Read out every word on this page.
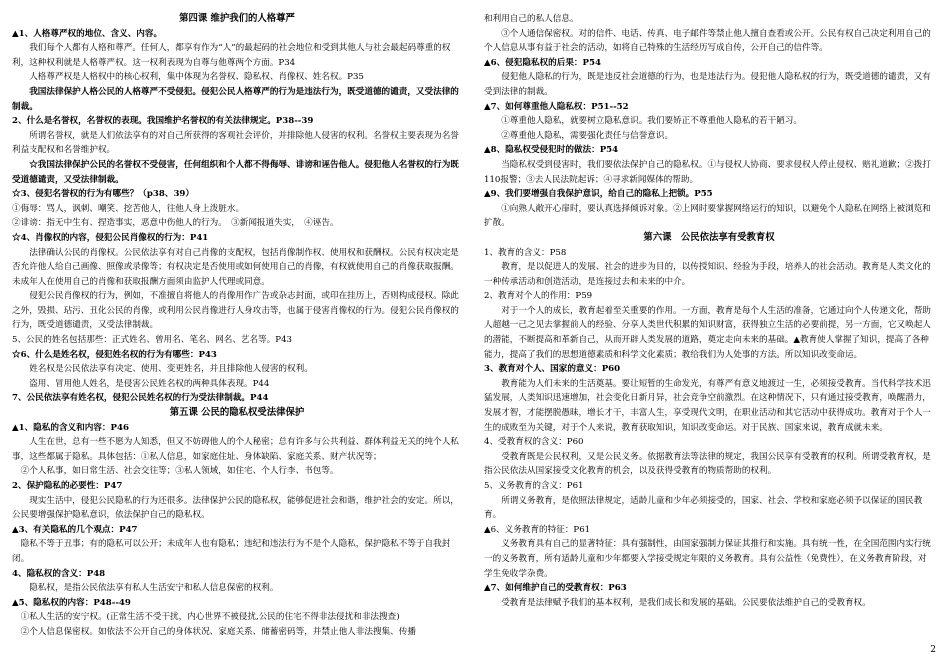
第四课 维护我们的人格尊严
▲1、人格尊严权的地位、含义、内容。
我们每个人都有人格和尊严。任何人，都享有作为“人”的最起码的社会地位和受到其他人与社会最起码尊重的权利，这种权利就是人格尊严权。这一权利表现为自尊与他尊两个方面。P34
人格尊严权是人格权中的核心权利，集中体现为名誉权、隐私权、肖像权、姓名权。P35
我国法律保护人格公民的人格尊严不受侵犯。侵犯公民人格尊严的行为是违法行为，既受道德的谴责，又受法律的制裁。
2、什么是名誉权，名誉权的表现。我国维护名誉权的有关法律规定。P38--39
所谓名誉权，就是人们依法享有的对自己所获得的客观社会评价，并排除他人侵害的权利。名誉权主要表现为名誉利益支配权和名誉维护权。
☆我国法律保护公民的名誉权不受侵害，任何组织和个人都不得侮辱、诽谤和诬告他人。侵犯他人名誉权的行为既受道德谴责，又受法律制裁。
☆3、侵犯名誉权的行为有哪些？（p38、39）
①侮辱：骂人，讽刺、嘲笑、挖苦他人，往他人身上泼脏水。
②诽谤：指无中生有、捏造事实，恶意中伤他人的行为。　③新闻报道失实，　④诬告。
☆4、肖像权的内容，侵犯公民肖像权的行为：P41
法律确认公民的肖像权。公民依法享有对自己肖像的支配权，包括肖像制作权、使用权和获酬权。公民有权决定是否允许他人给自己画像、照像或录像等；有权决定是否使用或如何使用自己的肖像，有权就使用自己的肖像获取报酬。未成年人在使用自己的肖像和获取报酬方面须由监护人代理或同意。
侵犯公民肖像权的行为，例如，不准擅自将他人的肖像用作广告或杂志封面，或印在挂历上，否则构成侵权。除此之外，毁损、玷污、丑化公民的肖像，或利用公民肖像进行人身攻击等，也属于侵害肖像权的行为。侵犯公民肖像权的行为，既受道德谴责，又受法律制裁。
5、公民的姓名包括那些：正式姓名、曾用名、笔名、网名、艺名等。P43
☆6、什么是姓名权，侵犯姓名权的行为有哪些：P43
姓名权是公民依法享有决定、使用、变更姓名，并且排除他人侵害的权利。
盗用、冒用他人姓名，是侵害公民姓名权的两种具体表现。P44
7、公民依法享有姓名权，侵犯公民姓名权的行为受法律制裁。P44
第五课 公民的隐私权受法律保护
▲1、隐私的含义和内容：P46
人生在世，总有一些不愿为人知悉，但又不妨碍他人的个人秘密；总有许多与公共利益、群体利益无关的纯个人私事，这些都属于隐私。具体包括：①私人信息，如家庭住址、身体缺陷、家庭关系、财产状况等；
　②个人私事，如日常生活、社会交往等；③私人领域，如住宅、个人行李、书包等。
2、保护隐私的必要性：P47
现实生活中，侵犯公民隐私的行为还很多。法律保护公民的隐私权，能够促进社会和谐，维护社会的安定。所以，公民要增强保护隐私意识，依法保护自己的隐私权。
▲3、有关隐私的几个观点：P47
　隐私不等于丑事；有的隐私可以公开；未成年人也有隐私；违纪和违法行为不是个人隐私，保护隐私不等于自我封闭。
4、隐私权的含义：P48
隐私权，是指公民依法享有私人生活安宁和私人信息保密的权利。
▲5、隐私权的内容：P48--49
　①私人生活的安宁权。(正常生活不受干扰，内心世界不被侵扰,公民的住宅不得非法侵扰和非法搜查)
　②个人信息保密权。如依法不公开自己的身体状况、家庭关系、储蓄密码等，并禁止他人非法搜集、传播
和利用自己的私人信息。
③个人通信保密权。对的信件、电话、传真、电子邮件等禁止他人擅自查看或公开。公民有权自己决定利用自己的个人信息从事有益于社会的活动，如将自己特殊的生活经历写成自传，公开自己的信件等。
▲6、侵犯隐私权的后果：P54
侵犯他人隐私的行为，既是违反社会道德的行为，也是违法行为。侵犯他人隐私权的行为，既受道德的谴责，又有受到法律的制裁。
▲7、如何尊重他人隐私权：P51--52
①尊重他人隐私，就要树立隐私意识。我们要矫正不尊重他人隐私的若干陋习。
②尊重他人隐私，需要强化责任与信誉意识。
▲8、隐私权受侵犯时的做法：P54
当隐私权受到侵害时，我们要依法保护自己的隐私权。①与侵权人协商、要求侵权人停止侵权、赔礼道歉；②拨打110报警；③去人民法院起诉；④寻求新闻媒体的帮助。
▲9、我们要增强自我保护意识，给自己的隐私上把锁。P55
①向熟人敞开心扉时，要认真选择倾诉对象。②上网时要掌握网络运行的知识，以避免个人隐私在网络上被浏览和扩散。
第六课　公民依法享有受教育权
1、教育的含义：P58
教育，是以促进人的发展、社会的进步为目的，以传授知识、经验为手段，培养人的社会活动。教育是人类文化的一种传承活动和创造活动，是连接过去和未来的中介。
2、教育对个人的作用：P59
对于一个人的成长，教育起着至关重要的作用。一方面，教育是每个人生活的准备，它通过向个人传递文化，帮助人超越一己之见去掌握前人的经验、分享人类世代积累的知识财富，获得独立生活的必要前提，另一方面，它又唤起人的潜能，不断提高和革新自己，从而开辟人类发展的道路，奠定走向未来的基础。▲教育使人掌握了知识，提高了各种能力，提高了我们的思想道德素质和科学文化素质；教给我们为人处事的方法。所以知识改变命运。
3、教育对个人、国家的意义：P60
教育能为人们未来的生活奠基。要让短暂的生命发光，有尊严有意义地渡过一生，必须接受教育。当代科学技术迅猛发展，人类知识迅速增加，社会变化日新月异，社会竞争空前激烈。在这种情况下，只有通过接受教育，唤醒潜力，发展才智，才能摆脱愚昧，增长才干，丰富人生，享受现代文明，在职业活动和其它活动中获得成功。教育对于个人一生的成败至为关键，对于个人来说，教育获取知识，知识改变命运。对于民族、国家来说，教育成就未来。
4、受教育权的含义：P60
受教育既是公民权利，又是公民义务。依据教育法等法律的规定，我国公民享有受教育的权利。所谓受教育权，是指公民依法从国家接受文化教育的机会，以及获得受教育的物质帮助的权利。
5、义务教育的含义：P61
所谓义务教育，是依照法律规定，适龄儿童和少年必须接受的，国家、社会、学校和家庭必须予以保证的国民教育。
▲6、义务教育的特征：P61
义务教育具有自己的显著特征：具有强制性，由国家强制力保证其推行和实施。具有统一性，在全国范围内实行统一的义务教育，所有适龄儿童和少年都要入学接受规定年限的义务教育。具有公益性（免费性），在义务教育阶段，对学生免收学杂费。
▲7、如何维护自己的受教育权：P63
受教育是法律赋予我们的基本权利，是我们成长和发展的基础。公民要依法维护自己的受教育权。
2
